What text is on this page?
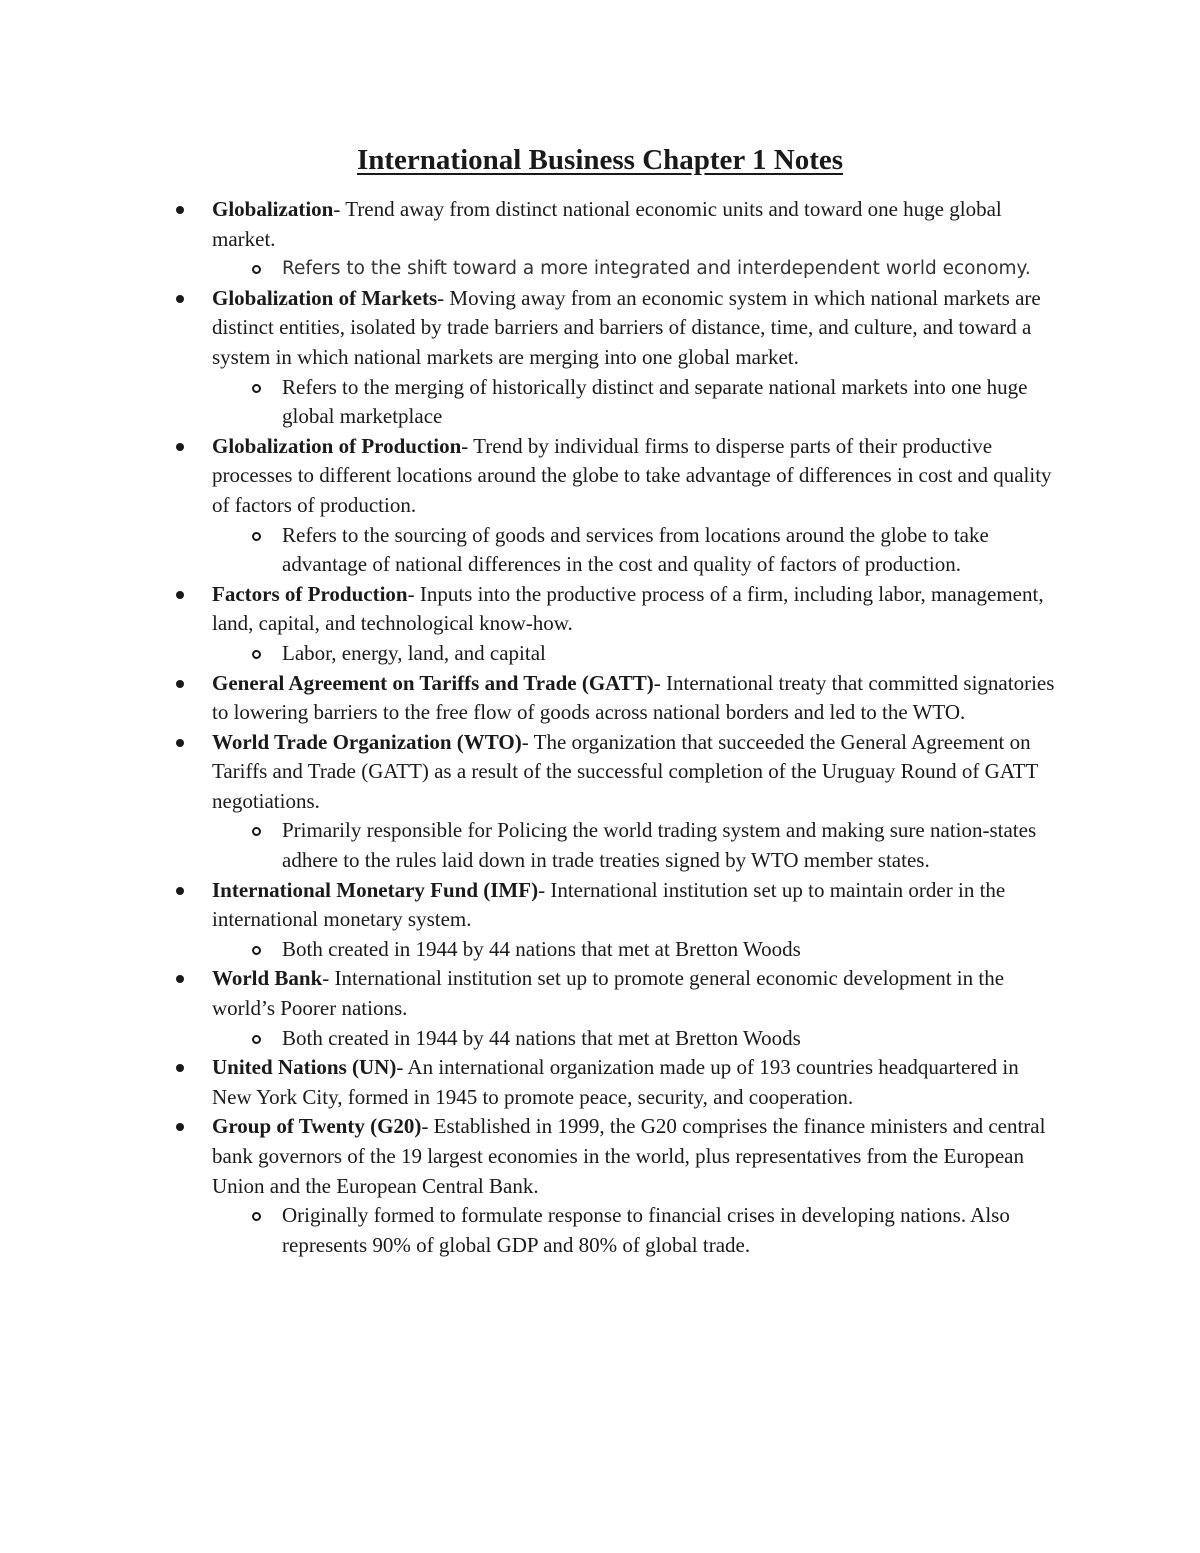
International Business Chapter 1 Notes
Globalization- Trend away from distinct national economic units and toward one huge global market.
Refers to the shift toward a more integrated and interdependent world economy.
Globalization of Markets- Moving away from an economic system in which national markets are distinct entities, isolated by trade barriers and barriers of distance, time, and culture, and toward a system in which national markets are merging into one global market.
Refers to the merging of historically distinct and separate national markets into one huge global marketplace
Globalization of Production- Trend by individual firms to disperse parts of their productive processes to different locations around the globe to take advantage of differences in cost and quality of factors of production.
Refers to the sourcing of goods and services from locations around the globe to take advantage of national differences in the cost and quality of factors of production.
Factors of Production- Inputs into the productive process of a firm, including labor, management, land, capital, and technological know-how.
Labor, energy, land, and capital
General Agreement on Tariffs and Trade (GATT)- International treaty that committed signatories to lowering barriers to the free flow of goods across national borders and led to the WTO.
World Trade Organization (WTO)- The organization that succeeded the General Agreement on Tariffs and Trade (GATT) as a result of the successful completion of the Uruguay Round of GATT negotiations.
Primarily responsible for Policing the world trading system and making sure nation-states adhere to the rules laid down in trade treaties signed by WTO member states.
International Monetary Fund (IMF)- International institution set up to maintain order in the international monetary system.
Both created in 1944 by 44 nations that met at Bretton Woods
World Bank- International institution set up to promote general economic development in the world’s Poorer nations.
Both created in 1944 by 44 nations that met at Bretton Woods
United Nations (UN)- An international organization made up of 193 countries headquartered in New York City, formed in 1945 to promote peace, security, and cooperation.
Group of Twenty (G20)- Established in 1999, the G20 comprises the finance ministers and central bank governors of the 19 largest economies in the world, plus representatives from the European Union and the European Central Bank.
Originally formed to formulate response to financial crises in developing nations. Also represents 90% of global GDP and 80% of global trade.
